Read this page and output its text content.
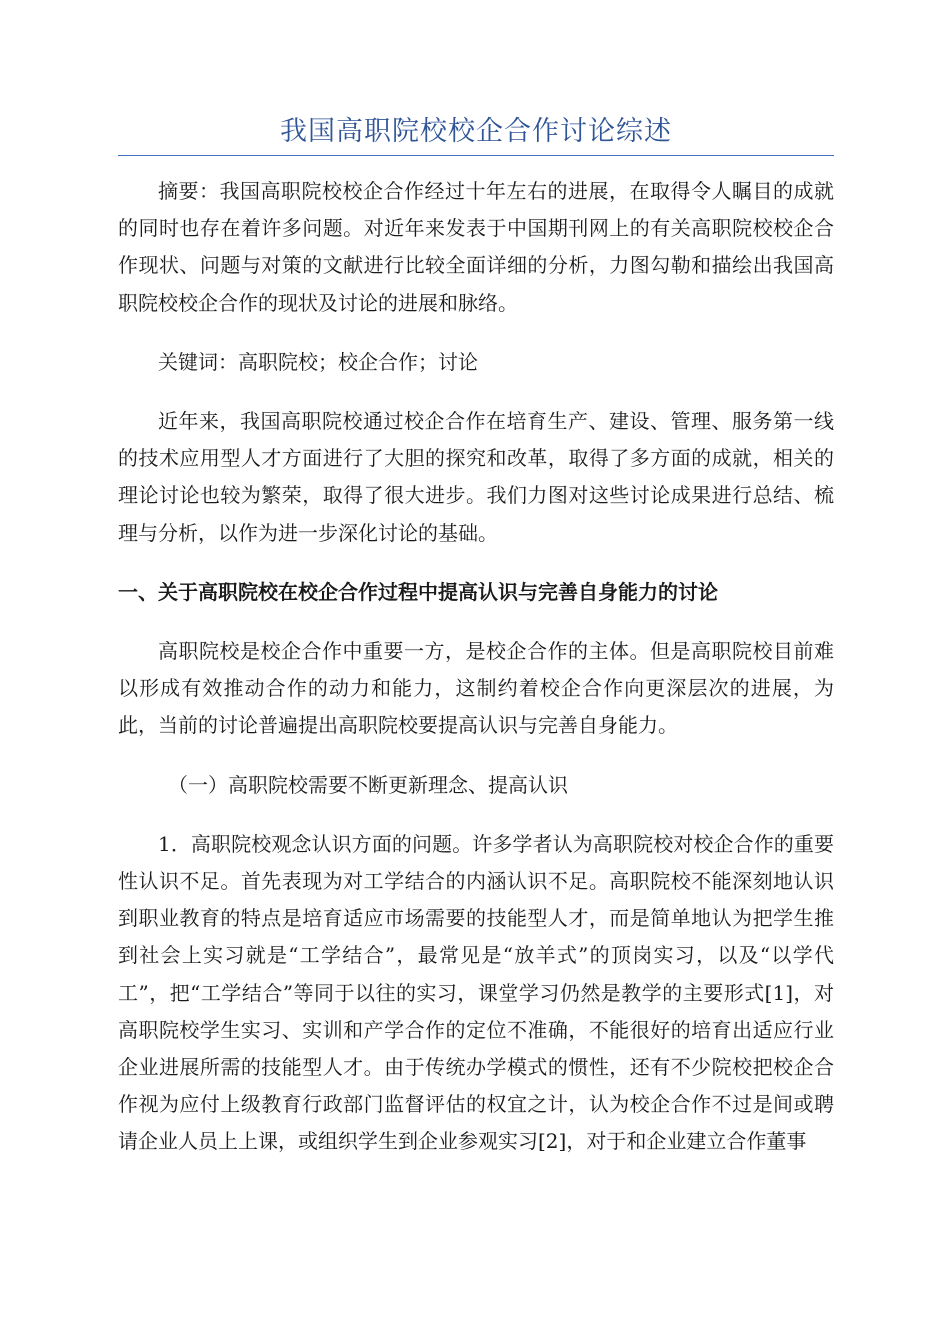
我国高职院校校企合作讨论综述

摘要：我国高职院校校企合作经过十年左右的进展，在取得令人瞩目的成就的同时也存在着许多问题。对近年来发表于中国期刊网上的有关高职院校校企合作现状、问题与对策的文献进行比较全面详细的分析，力图勾勒和描绘出我国高职院校校企合作的现状及讨论的进展和脉络。

关键词：高职院校；校企合作；讨论

近年来，我国高职院校通过校企合作在培育生产、建设、管理、服务第一线的技术应用型人才方面进行了大胆的探究和改革，取得了多方面的成就，相关的理论讨论也较为繁荣，取得了很大进步。我们力图对这些讨论成果进行总结、梳理与分析，以作为进一步深化讨论的基础。

一、关于高职院校在校企合作过程中提高认识与完善自身能力的讨论

高职院校是校企合作中重要一方，是校企合作的主体。但是高职院校目前难以形成有效推动合作的动力和能力，这制约着校企合作向更深层次的进展，为此，当前的讨论普遍提出高职院校要提高认识与完善自身能力。

（一）高职院校需要不断更新理念、提高认识

1．高职院校观念认识方面的问题。许多学者认为高职院校对校企合作的重要性认识不足。首先表现为对工学结合的内涵认识不足。高职院校不能深刻地认识到职业教育的特点是培育适应市场需要的技能型人才，而是简单地认为把学生推到社会上实习就是“工学结合”，最常见是“放羊式”的顶岗实习，以及“以学代工”，把“工学结合”等同于以往的实习，课堂学习仍然是教学的主要形式[1]，对高职院校学生实习、实训和产学合作的定位不准确，不能很好的培育出适应行业企业进展所需的技能型人才。由于传统办学模式的惯性，还有不少院校把校企合作视为应付上级教育行政部门监督评估的权宜之计，认为校企合作不过是间或聘请企业人员上上课，或组织学生到企业参观实习[2]，对于和企业建立合作董事
